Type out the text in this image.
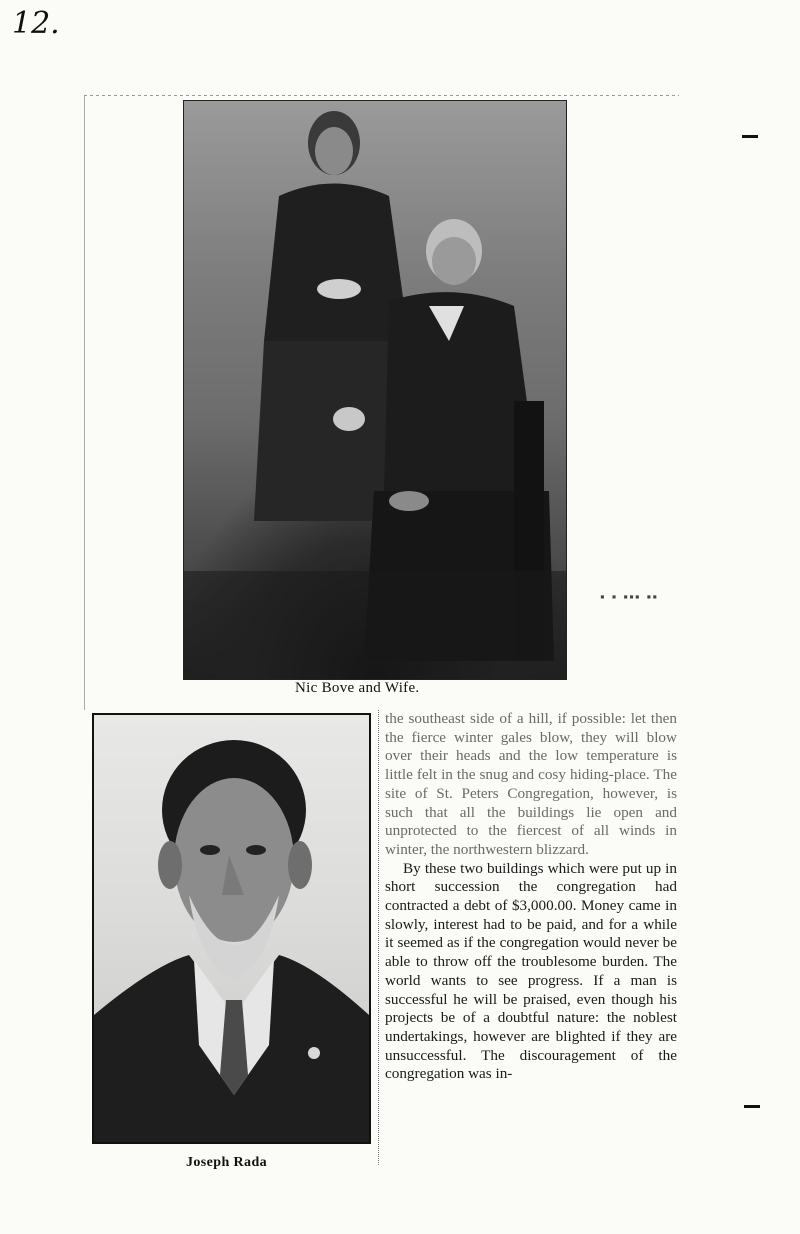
12.
Nic Bove and Wife.
▪ ▪ ▪▪▪ ▪▪
Joseph Rada

the southeast side of a hill, if possible: let then the fierce winter gales blow, they will blow over their heads and the low temperature is little felt in the snug and cosy hiding-place. The site of St. Peters Congregation, however, is such that all the buildings lie open and unprotected to the fiercest of all winds in winter, the northwestern blizzard.

By these two buildings which were put up in short succession the congregation had contracted a debt of $3,000.00. Money came in slowly, interest had to be paid, and for a while it seemed as if the congregation would never be able to throw off the troublesome burden. The world wants to see progress. If a man is successful he will be praised, even though his projects be of a doubtful nature: the noblest undertakings, however are blighted if they are unsuccessful. The discouragement of the congregation was in-
